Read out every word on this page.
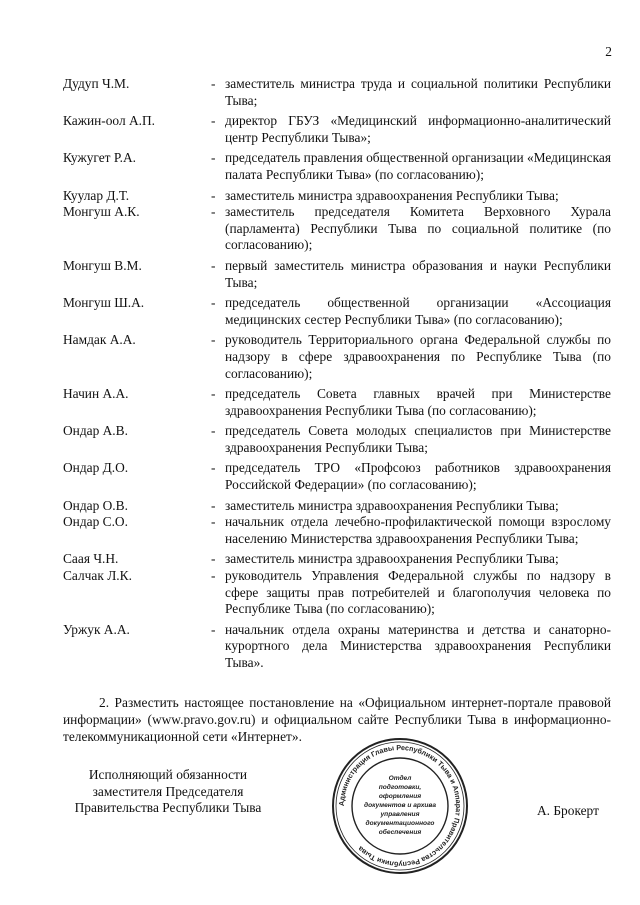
2
Дудуп Ч.М.	- заместитель министра труда и социальной политики Республики Тыва;
Кажин-оол А.П.	- директор ГБУЗ «Медицинский информационно-аналитический центр Республики Тыва»;
Кужугет Р.А.	- председатель правления общественной организации «Медицинская палата Республики Тыва» (по согласованию);
Куулар Д.Т.	- заместитель министра здравоохранения Республики Тыва;
Монгуш А.К.	- заместитель председателя Комитета Верховного Хурала (парламента) Республики Тыва по социальной политике (по согласованию);
Монгуш В.М.	- первый заместитель министра образования и науки Республики Тыва;
Монгуш Ш.А.	- председатель общественной организации «Ассоциация медицинских сестер Республики Тыва» (по согласованию);
Намдак А.А.	- руководитель Территориального органа Федеральной службы по надзору в сфере здравоохранения по Республике Тыва (по согласованию);
Начин А.А.	- председатель Совета главных врачей при Министерстве здравоохранения Республики Тыва (по согласованию);
Ондар А.В.	- председатель Совета молодых специалистов при Министерстве здравоохранения Республики Тыва;
Ондар Д.О.	- председатель ТРО «Профсоюз работников здравоохранения Российской Федерации» (по согласованию);
Ондар О.В.	- заместитель министра здравоохранения Республики Тыва;
Ондар С.О.	- начальник отдела лечебно-профилактической помощи взрослому населению Министерства здравоохранения Республики Тыва;
Саая Ч.Н.	- заместитель министра здравоохранения Республики Тыва;
Салчак Л.К.	- руководитель Управления Федеральной службы по надзору в сфере защиты прав потребителей и благополучия человека по Республике Тыва (по согласованию);
Уржук А.А.	- начальник отдела охраны материнства и детства и санаторно-курортного дела Министерства здравоохранения Республики Тыва».

2. Разместить настоящее постановление на «Официальном интернет-портале правовой информации» (www.pravo.gov.ru) и официальном сайте Республики Тыва в информационно-телекоммуникационной сети «Интернет».

Исполняющий обязанности
заместителя Председателя
Правительства Республики Тыва	Администрация Главы Республики Тыва и Аппарат Правительства Республики Тыва
Отдел
подготовки,
оформления
документов и архива
управления
документационного
обеспечения
А. Брокерт
